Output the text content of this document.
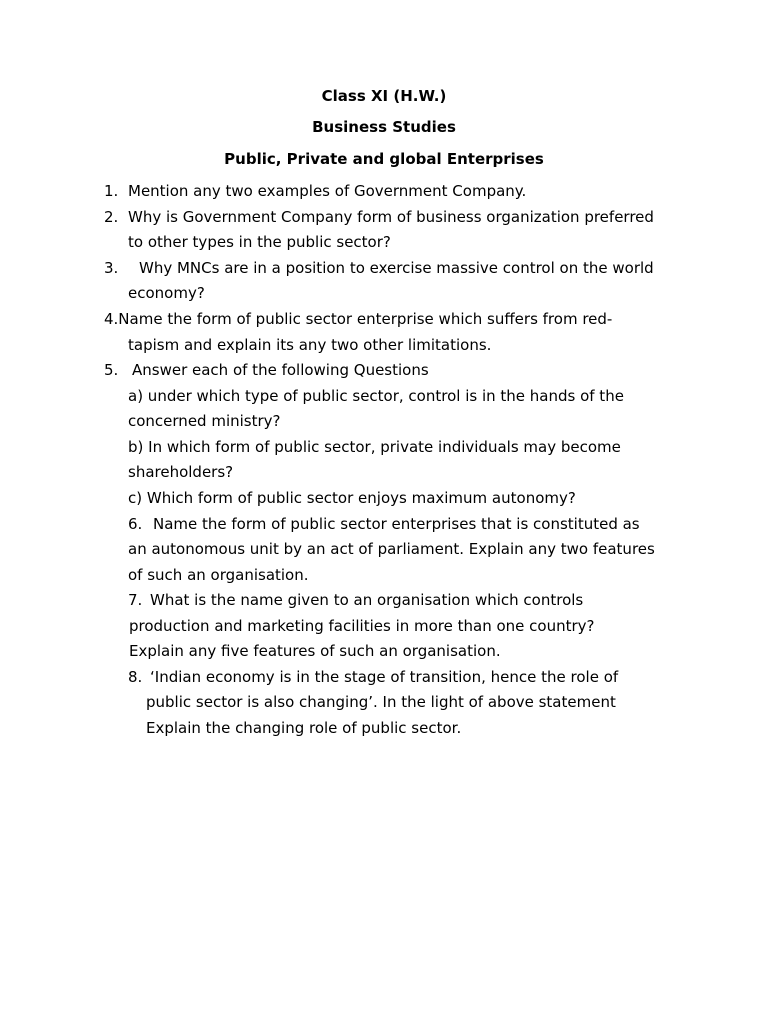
Class XI (H.W.)
Business Studies
Public, Private and global Enterprises
1. Mention any two examples of Government Company.
2. Why is Government Company form of business organization preferred
to other types in the public sector?
3. Why MNCs are in a position to exercise massive control on the world
economy?
4.Name the form of public sector enterprise which suffers from red-
tapism and explain its any two other limitations.
5. Answer each of the following Questions
a) under which type of public sector, control is in the hands of the
concerned ministry?
b) In which form of public sector, private individuals may become
shareholders?
c) Which form of public sector enjoys maximum autonomy?
6. Name the form of public sector enterprises that is constituted as
an autonomous unit by an act of parliament. Explain any two features
of such an organisation.
7. What is the name given to an organisation which controls
production and marketing facilities in more than one country?
Explain any five features of such an organisation.
8. ‘Indian economy is in the stage of transition, hence the role of
public sector is also changing’. In the light of above statement
Explain the changing role of public sector.
